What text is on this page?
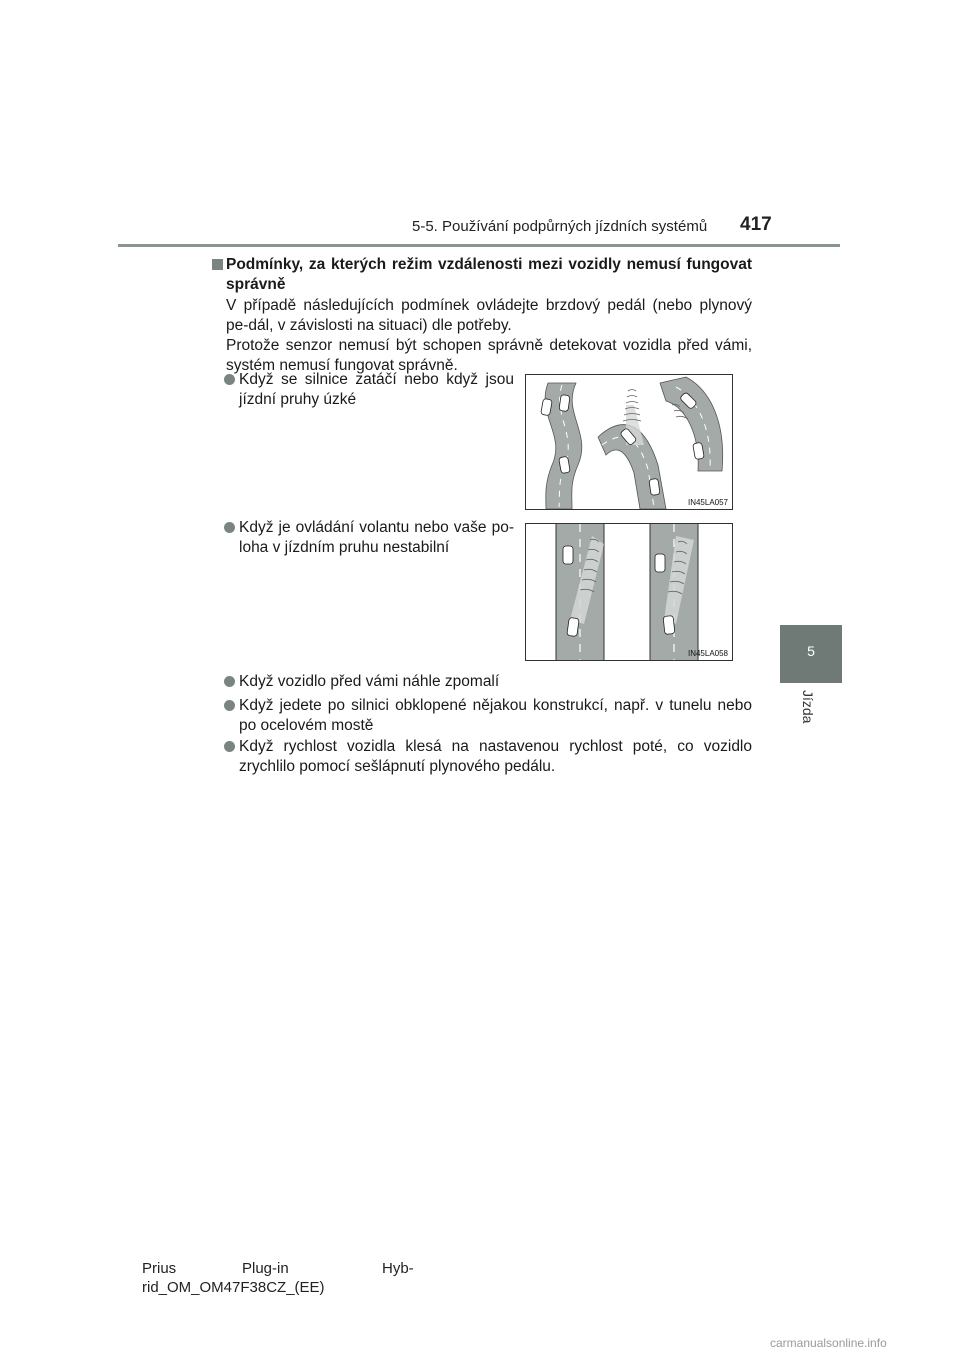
5-5. Používání podpůrných jízdních systémů 417
5
Jízda
Podmínky, za kterých režim vzdálenosti mezi vozidly nemusí fungovat správně
V případě následujících podmínek ovládejte brzdový pedál (nebo plynový pe-dál, v závislosti na situaci) dle potřeby.
Protože senzor nemusí být schopen správně detekovat vozidla před vámi, systém nemusí fungovat správně.
Když se silnice zatáčí nebo když jsou jízdní pruhy úzké
IN45LA057
Když je ovládání volantu nebo vaše po-loha v jízdním pruhu nestabilní
IN45LA058
Když vozidlo před vámi náhle zpomalí
Když jedete po silnici obklopené nějakou konstrukcí, např. v tunelu nebo po ocelovém mostě
Když rychlost vozidla klesá na nastavenou rychlost poté, co vozidlo zrychlilo pomocí sešlápnutí plynového pedálu.
Prius	Plug-in	Hyb-
rid_OM_OM47F38CZ_(EE)
carmanualsonline.info
